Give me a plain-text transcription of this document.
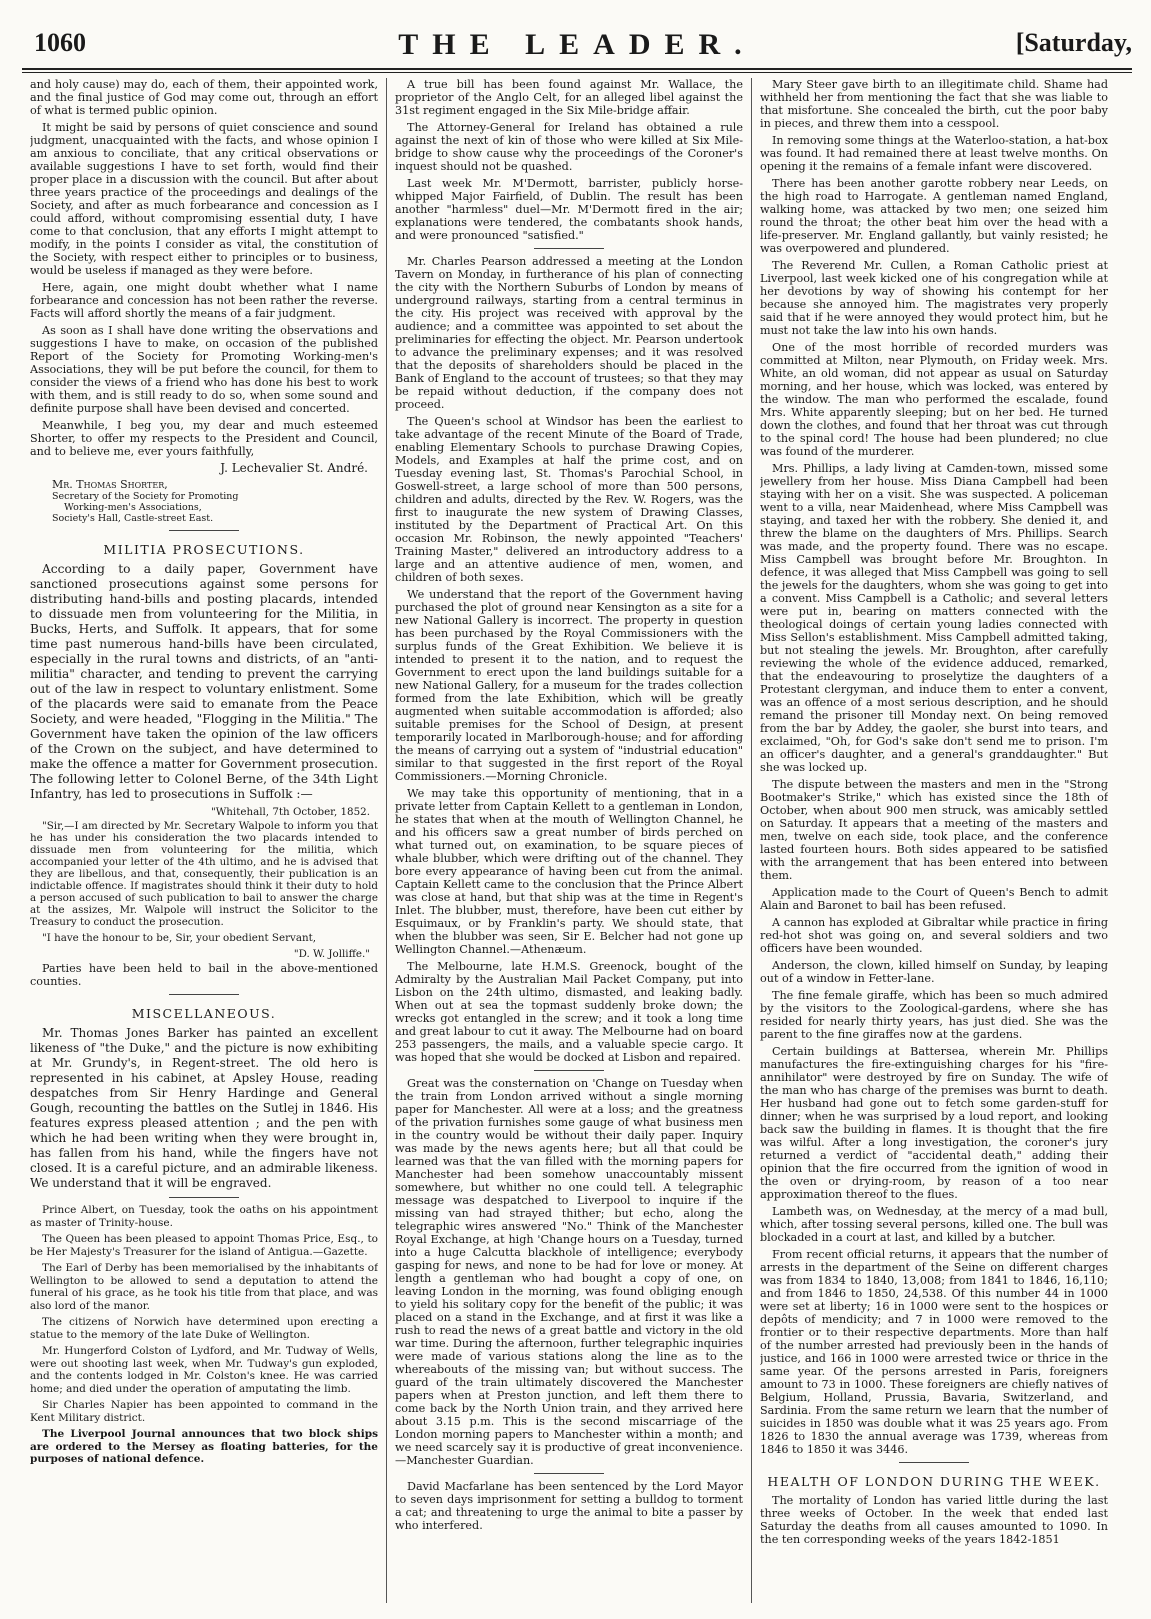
1060	THE LEADER.	[Saturday,

and holy cause) may do, each of them, their appointed work, and the final justice of God may come out, through an effort of what is termed public opinion.

It might be said by persons of quiet conscience and sound judgment, unacquainted with the facts, and whose opinion I am anxious to conciliate, that any critical observations or available suggestions I have to set forth, would find their proper place in a discussion with the council. But after about three years practice of the proceedings and dealings of the Society, and after as much forbearance and concession as I could afford, without compromising essential duty, I have come to that conclusion, that any efforts I might attempt to modify, in the points I consider as vital, the constitution of the Society, with respect either to principles or to business, would be useless if managed as they were before.

Here, again, one might doubt whether what I name forbearance and concession has not been rather the reverse. Facts will afford shortly the means of a fair judgment.

As soon as I shall have done writing the observations and suggestions I have to make, on occasion of the published Report of the Society for Promoting Working-men's Associations, they will be put before the council, for them to consider the views of a friend who has done his best to work with them, and is still ready to do so, when some sound and definite purpose shall have been devised and concerted.

Meanwhile, I beg you, my dear and much esteemed Shorter, to offer my respects to the President and Council, and to believe me, ever yours faithfully,

J. Lechevalier St. André.
Mr. Thomas Shorter,
Secretary of the Society for Promoting
Working-men's Associations,
Society's Hall, Castle-street East.
MILITIA PROSECUTIONS.

According to a daily paper, Government have sanctioned prosecutions against some persons for distributing hand-bills and posting placards, intended to dissuade men from volunteering for the Militia, in Bucks, Herts, and Suffolk. It appears, that for some time past numerous hand-bills have been circulated, especially in the rural towns and districts, of an "anti-militia" character, and tending to prevent the carrying out of the law in respect to voluntary enlistment. Some of the placards were said to emanate from the Peace Society, and were headed, "Flogging in the Militia." The Government have taken the opinion of the law officers of the Crown on the subject, and have determined to make the offence a matter for Government prosecution. The following letter to Colonel Berne, of the 34th Light Infantry, has led to prosecutions in Suffolk :—

"Whitehall, 7th October, 1852.

"Sir,—I am directed by Mr. Secretary Walpole to inform you that he has under his consideration the two placards intended to dissuade men from volunteering for the militia, which accompanied your letter of the 4th ultimo, and he is advised that they are libellous, and that, consequently, their publication is an indictable offence. If magistrates should think it their duty to hold a person accused of such publication to bail to answer the charge at the assizes, Mr. Walpole will instruct the Solicitor to the Treasury to conduct the prosecution.

"I have the honour to be, Sir, your obedient Servant,

"D. W. Jolliffe."

Parties have been held to bail in the above-mentioned counties.

MISCELLANEOUS.

Mr. Thomas Jones Barker has painted an excellent likeness of "the Duke," and the picture is now exhibiting at Mr. Grundy's, in Regent-street. The old hero is represented in his cabinet, at Apsley House, reading despatches from Sir Henry Hardinge and General Gough, recounting the battles on the Sutlej in 1846. His features express pleased attention ; and the pen with which he had been writing when they were brought in, has fallen from his hand, while the fingers have not closed. It is a careful picture, and an admirable likeness. We understand that it will be engraved.

Prince Albert, on Tuesday, took the oaths on his appointment as master of Trinity-house.

The Queen has been pleased to appoint Thomas Price, Esq., to be Her Majesty's Treasurer for the island of Antigua.—Gazette.

The Earl of Derby has been memorialised by the inhabitants of Wellington to be allowed to send a deputation to attend the funeral of his grace, as he took his title from that place, and was also lord of the manor.

The citizens of Norwich have determined upon erecting a statue to the memory of the late Duke of Wellington.

Mr. Hungerford Colston of Lydford, and Mr. Tudway of Wells, were out shooting last week, when Mr. Tudway's gun exploded, and the contents lodged in Mr. Colston's knee. He was carried home; and died under the operation of amputating the limb.

Sir Charles Napier has been appointed to command in the Kent Military district.

The Liverpool Journal announces that two block ships are ordered to the Mersey as floating batteries, for the purposes of national defence.

A true bill has been found against Mr. Wallace, the proprietor of the Anglo Celt, for an alleged libel against the 31st regiment engaged in the Six Mile-bridge affair.

The Attorney-General for Ireland has obtained a rule against the next of kin of those who were killed at Six Mile-bridge to show cause why the proceedings of the Coroner's inquest should not be quashed.

Last week Mr. M'Dermott, barrister, publicly horse-whipped Major Fairfield, of Dublin. The result has been another "harmless" duel—Mr. M'Dermott fired in the air; explanations were tendered, the combatants shook hands, and were pronounced "satisfied."

Mr. Charles Pearson addressed a meeting at the London Tavern on Monday, in furtherance of his plan of connecting the city with the Northern Suburbs of London by means of underground railways, starting from a central terminus in the city. His project was received with approval by the audience; and a committee was appointed to set about the preliminaries for effecting the object. Mr. Pearson undertook to advance the preliminary expenses; and it was resolved that the deposits of shareholders should be placed in the Bank of England to the account of trustees; so that they may be repaid without deduction, if the company does not proceed.

The Queen's school at Windsor has been the earliest to take advantage of the recent Minute of the Board of Trade, enabling Elementary Schools to purchase Drawing Copies, Models, and Examples at half the prime cost, and on Tuesday evening last, St. Thomas's Parochial School, in Goswell-street, a large school of more than 500 persons, children and adults, directed by the Rev. W. Rogers, was the first to inaugurate the new system of Drawing Classes, instituted by the Department of Practical Art. On this occasion Mr. Robinson, the newly appointed "Teachers' Training Master," delivered an introductory address to a large and an attentive audience of men, women, and children of both sexes.

We understand that the report of the Government having purchased the plot of ground near Kensington as a site for a new National Gallery is incorrect. The property in question has been purchased by the Royal Commissioners with the surplus funds of the Great Exhibition. We believe it is intended to present it to the nation, and to request the Government to erect upon the land buildings suitable for a new National Gallery, for a museum for the trades collection formed from the late Exhibition, which will be greatly augmented when suitable accommodation is afforded; also suitable premises for the School of Design, at present temporarily located in Marlborough-house; and for affording the means of carrying out a system of "industrial education" similar to that suggested in the first report of the Royal Commissioners.—Morning Chronicle.

We may take this opportunity of mentioning, that in a private letter from Captain Kellett to a gentleman in London, he states that when at the mouth of Wellington Channel, he and his officers saw a great number of birds perched on what turned out, on examination, to be square pieces of whale blubber, which were drifting out of the channel. They bore every appearance of having been cut from the animal. Captain Kellett came to the conclusion that the Prince Albert was close at hand, but that ship was at the time in Regent's Inlet. The blubber, must, therefore, have been cut either by Esquimaux, or by Franklin's party. We should state, that when the blubber was seen, Sir E. Belcher had not gone up Wellington Channel.—Athenæum.

The Melbourne, late H.M.S. Greenock, bought of the Admiralty by the Australian Mail Packet Company, put into Lisbon on the 24th ultimo, dismasted, and leaking badly. When out at sea the topmast suddenly broke down; the wrecks got entangled in the screw; and it took a long time and great labour to cut it away. The Melbourne had on board 253 passengers, the mails, and a valuable specie cargo. It was hoped that she would be docked at Lisbon and repaired.

Great was the consternation on 'Change on Tuesday when the train from London arrived without a single morning paper for Manchester. All were at a loss; and the greatness of the privation furnishes some gauge of what business men in the country would be without their daily paper. Inquiry was made by the news agents here; but all that could be learned was that the van filled with the morning papers for Manchester had been somehow unaccountably missent somewhere, but whither no one could tell. A telegraphic message was despatched to Liverpool to inquire if the missing van had strayed thither; but echo, along the telegraphic wires answered "No." Think of the Manchester Royal Exchange, at high 'Change hours on a Tuesday, turned into a huge Calcutta blackhole of intelligence; everybody gasping for news, and none to be had for love or money. At length a gentleman who had bought a copy of one, on leaving London in the morning, was found obliging enough to yield his solitary copy for the benefit of the public; it was placed on a stand in the Exchange, and at first it was like a rush to read the news of a great battle and victory in the old war time. During the afternoon, further telegraphic inquiries were made of various stations along the line as to the whereabouts of the missing van; but without success. The guard of the train ultimately discovered the Manchester papers when at Preston junction, and left them there to come back by the North Union train, and they arrived here about 3.15 p.m. This is the second miscarriage of the London morning papers to Manchester within a month; and we need scarcely say it is productive of great inconvenience.—Manchester Guardian.

David Macfarlane has been sentenced by the Lord Mayor to seven days imprisonment for setting a bulldog to torment a cat; and threatening to urge the animal to bite a passer by who interfered.

Mary Steer gave birth to an illegitimate child. Shame had withheld her from mentioning the fact that she was liable to that misfortune. She concealed the birth, cut the poor baby in pieces, and threw them into a cesspool.

In removing some things at the Waterloo-station, a hat-box was found. It had remained there at least twelve months. On opening it the remains of a female infant were discovered.

There has been another garotte robbery near Leeds, on the high road to Harrogate. A gentleman named England, walking home, was attacked by two men; one seized him round the throat; the other beat him over the head with a life-preserver. Mr. England gallantly, but vainly resisted; he was overpowered and plundered.

The Reverend Mr. Cullen, a Roman Catholic priest at Liverpool, last week kicked one of his congregation while at her devotions by way of showing his contempt for her because she annoyed him. The magistrates very properly said that if he were annoyed they would protect him, but he must not take the law into his own hands.

One of the most horrible of recorded murders was committed at Milton, near Plymouth, on Friday week. Mrs. White, an old woman, did not appear as usual on Saturday morning, and her house, which was locked, was entered by the window. The man who performed the escalade, found Mrs. White apparently sleeping; but on her bed. He turned down the clothes, and found that her throat was cut through to the spinal cord! The house had been plundered; no clue was found of the murderer.

Mrs. Phillips, a lady living at Camden-town, missed some jewellery from her house. Miss Diana Campbell had been staying with her on a visit. She was suspected. A policeman went to a villa, near Maidenhead, where Miss Campbell was staying, and taxed her with the robbery. She denied it, and threw the blame on the daughters of Mrs. Phillips. Search was made, and the property found. There was no escape. Miss Campbell was brought before Mr. Broughton. In defence, it was alleged that Miss Campbell was going to sell the jewels for the daughters, whom she was going to get into a convent. Miss Campbell is a Catholic; and several letters were put in, bearing on matters connected with the theological doings of certain young ladies connected with Miss Sellon's establishment. Miss Campbell admitted taking, but not stealing the jewels. Mr. Broughton, after carefully reviewing the whole of the evidence adduced, remarked, that the endeavouring to proselytize the daughters of a Protestant clergyman, and induce them to enter a convent, was an offence of a most serious description, and he should remand the prisoner till Monday next. On being removed from the bar by Addey, the gaoler, she burst into tears, and exclaimed, "Oh, for God's sake don't send me to prison. I'm an officer's daughter, and a general's granddaughter." But she was locked up.

The dispute between the masters and men in the "Strong Bootmaker's Strike," which has existed since the 18th of October, when about 900 men struck, was amicably settled on Saturday. It appears that a meeting of the masters and men, twelve on each side, took place, and the conference lasted fourteen hours. Both sides appeared to be satisfied with the arrangement that has been entered into between them.

Application made to the Court of Queen's Bench to admit Alain and Baronet to bail has been refused.

A cannon has exploded at Gibraltar while practice in firing red-hot shot was going on, and several soldiers and two officers have been wounded.

Anderson, the clown, killed himself on Sunday, by leaping out of a window in Fetter-lane.

The fine female giraffe, which has been so much admired by the visitors to the Zoological-gardens, where she has resided for nearly thirty years, has just died. She was the parent to the fine giraffes now at the gardens.

Certain buildings at Battersea, wherein Mr. Phillips manufactures the fire-extinguishing charges for his "fire-annihilator" were destroyed by fire on Sunday. The wife of the man who has charge of the premises was burnt to death. Her husband had gone out to fetch some garden-stuff for dinner; when he was surprised by a loud report, and looking back saw the building in flames. It is thought that the fire was wilful. After a long investigation, the coroner's jury returned a verdict of "accidental death," adding their opinion that the fire occurred from the ignition of wood in the oven or drying-room, by reason of a too near approximation thereof to the flues.

Lambeth was, on Wednesday, at the mercy of a mad bull, which, after tossing several persons, killed one. The bull was blockaded in a court at last, and killed by a butcher.

From recent official returns, it appears that the number of arrests in the department of the Seine on different charges was from 1834 to 1840, 13,008; from 1841 to 1846, 16,110; and from 1846 to 1850, 24,538. Of this number 44 in 1000 were set at liberty; 16 in 1000 were sent to the hospices or depôts of mendicity; and 7 in 1000 were removed to the frontier or to their respective departments. More than half of the number arrested had previously been in the hands of justice, and 166 in 1000 were arrested twice or thrice in the same year. Of the persons arrested in Paris, foreigners amount to 73 in 1000. These foreigners are chiefly natives of Belgium, Holland, Prussia, Bavaria, Switzerland, and Sardinia. From the same return we learn that the number of suicides in 1850 was double what it was 25 years ago. From 1826 to 1830 the annual average was 1739, whereas from 1846 to 1850 it was 3446.

HEALTH OF LONDON DURING THE WEEK.

The mortality of London has varied little during the last three weeks of October. In the week that ended last Saturday the deaths from all causes amounted to 1090. In the ten corresponding weeks of the years 1842-1851
